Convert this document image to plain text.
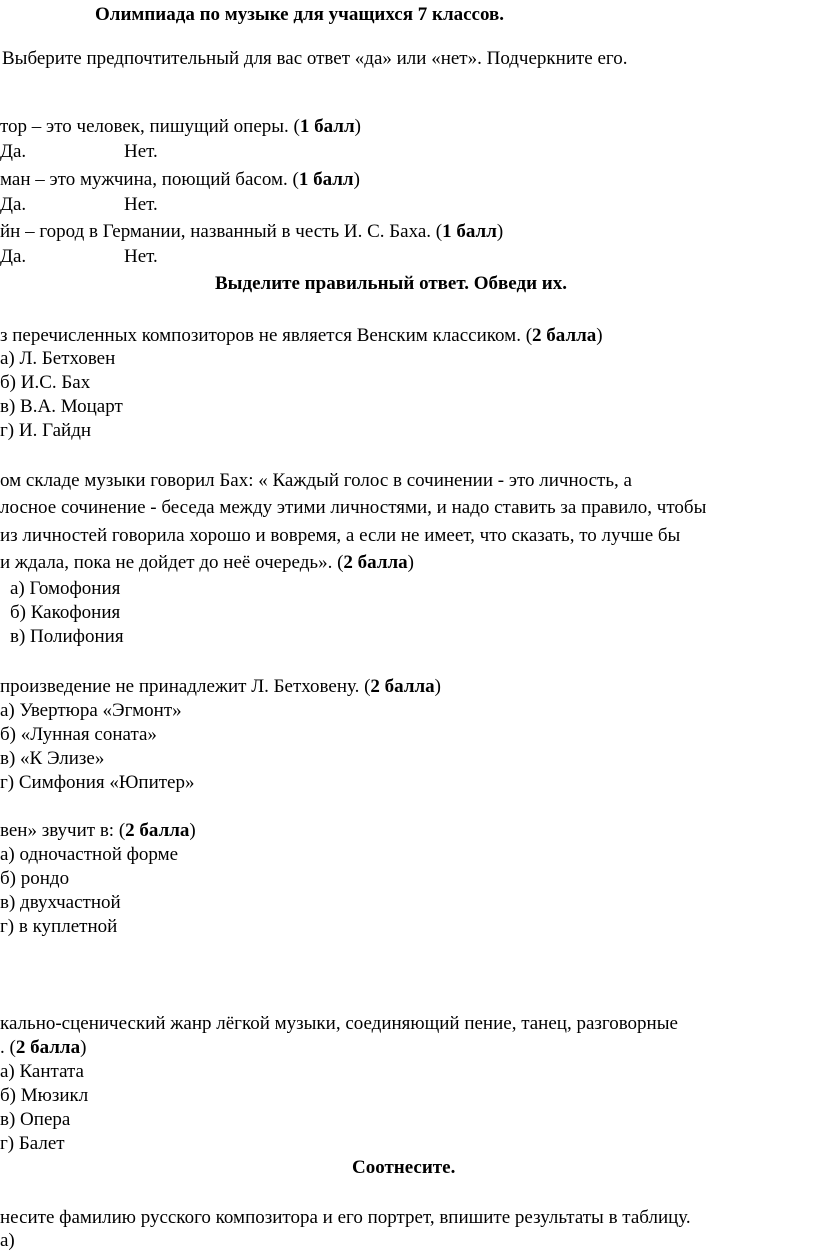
Олимпиада по музыке для учащихся 7 классов.
Выберите предпочтительный для вас ответ «да» или «нет». Подчеркните его.
тор – это человек, пишущий оперы. (1 балл)
Да.	Нет.
ман – это мужчина, поющий басом. (1 балл)
Да.	Нет.
йн – город в Германии, названный в честь И. С. Баха. (1 балл)
Да.	Нет.
Выделите правильный ответ. Обведи их.
з перечисленных композиторов не является Венским классиком. (2 балла)
а) Л. Бетховен
б) И.С. Бах
в) В.А. Моцарт
г) И. Гайдн
ом складе музыки говорил Бах: « Каждый голос в сочинении - это личность, а
лосное сочинение - беседа между этими личностями, и надо ставить за правило, чтобы
из личностей говорила хорошо и вовремя, а если не имеет, что сказать, то лучше бы
и ждала, пока не дойдет до неё очередь». (2 балла)
а) Гомофония
б) Какофония
в) Полифония
произведение не принадлежит Л. Бетховену. (2 балла)
а) Увертюра «Эгмонт»
б) «Лунная соната»
в) «К Элизе»
г) Симфония «Юпитер»
вен» звучит в: (2 балла)
а) одночастной форме
б) рондо
в) двухчастной
г) в куплетной
кально-сценический жанр лёгкой музыки, соединяющий пение, танец, разговорные
. (2 балла)
а) Кантата
б) Мюзикл
в) Опера
г) Балет
Соотнесите.
несите фамилию русского композитора и его портрет, впишите результаты в таблицу.
а)
